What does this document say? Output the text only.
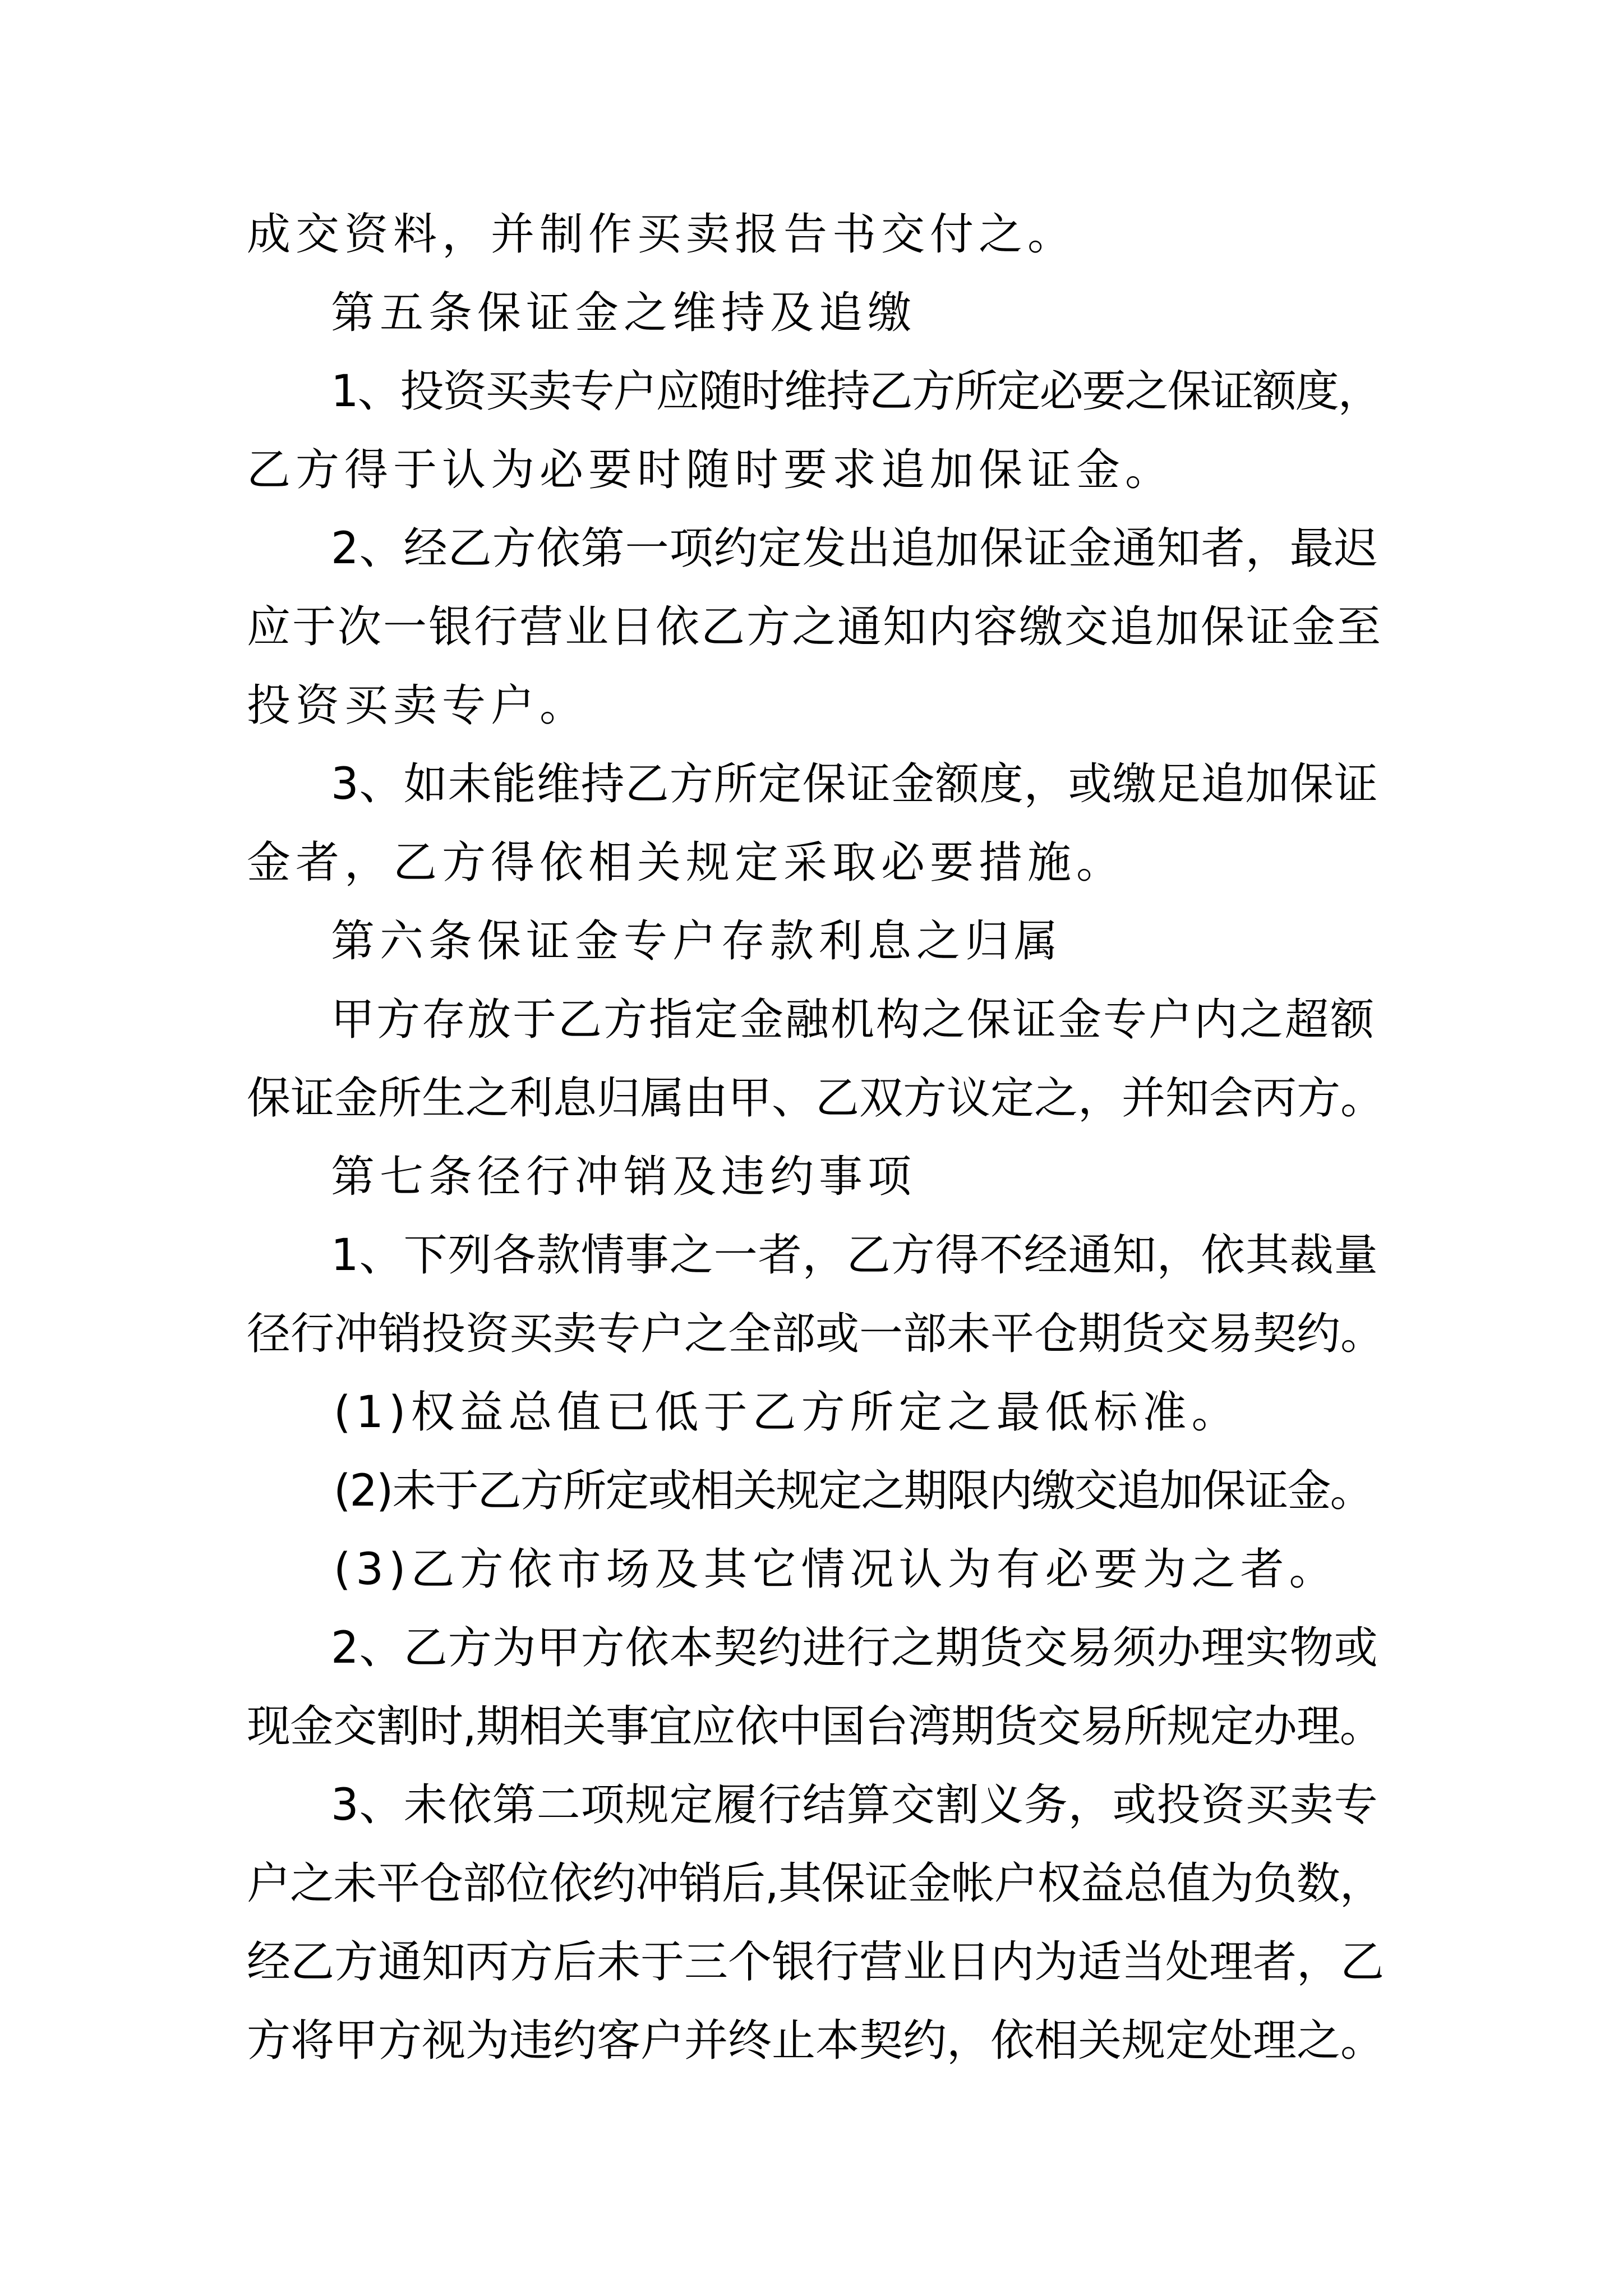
成交资料，并制作买卖报告书交付之。
第五条保证金之维持及追缴
1、投资买卖专户应随时维持乙方所定必要之保证额度，
乙方得于认为必要时随时要求追加保证金。
2、经乙方依第一项约定发出追加保证金通知者，最迟
应于次一银行营业日依乙方之通知内容缴交追加保证金至
投资买卖专户。
3、如未能维持乙方所定保证金额度，或缴足追加保证
金者，乙方得依相关规定采取必要措施。
第六条保证金专户存款利息之归属
甲方存放于乙方指定金融机构之保证金专户内之超额
保证金所生之利息归属由甲、乙双方议定之，并知会丙方。
第七条径行冲销及违约事项
1、下列各款情事之一者，乙方得不经通知，依其裁量
径行冲销投资买卖专户之全部或一部未平仓期货交易契约。
(1)权益总值已低于乙方所定之最低标准。
(2)未于乙方所定或相关规定之期限内缴交追加保证金。
(3)乙方依市场及其它情况认为有必要为之者。
2、乙方为甲方依本契约进行之期货交易须办理实物或
现金交割时,期相关事宜应依中国台湾期货交易所规定办理。
3、未依第二项规定履行结算交割义务，或投资买卖专
户之未平仓部位依约冲销后,其保证金帐户权益总值为负数，
经乙方通知丙方后未于三个银行营业日内为适当处理者，乙
方将甲方视为违约客户并终止本契约，依相关规定处理之。
